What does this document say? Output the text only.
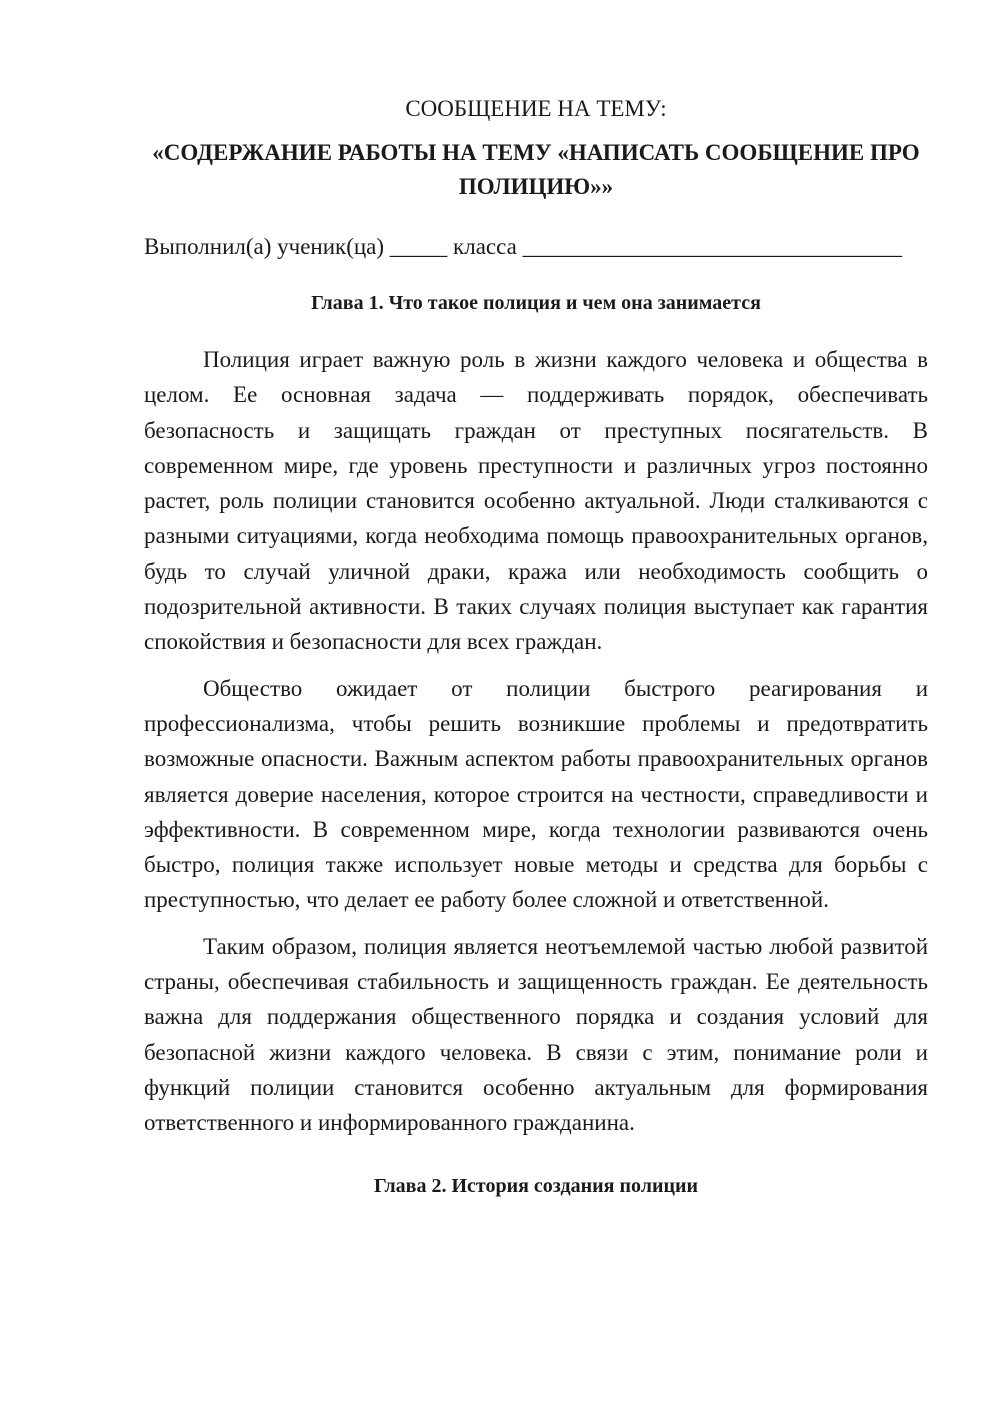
СООБЩЕНИЕ НА ТЕМУ:

«СОДЕРЖАНИЕ РАБОТЫ НА ТЕМУ «НАПИСАТЬ СООБЩЕНИЕ ПРО ПОЛИЦИЮ»»

Выполнил(а) ученик(ца) _____ класса _________________________________

Глава 1. Что такое полиция и чем она занимается

Полиция играет важную роль в жизни каждого человека и общества в целом. Ее основная задача — поддерживать порядок, обеспечивать безопасность и защищать граждан от преступных посягательств. В современном мире, где уровень преступности и различных угроз постоянно растет, роль полиции становится особенно актуальной. Люди сталкиваются с разными ситуациями, когда необходима помощь правоохранительных органов, будь то случай уличной драки, кража или необходимость сообщить о подозрительной активности. В таких случаях полиция выступает как гарантия спокойствия и безопасности для всех граждан.

Общество ожидает от полиции быстрого реагирования и профессионализма, чтобы решить возникшие проблемы и предотвратить возможные опасности. Важным аспектом работы правоохранительных органов является доверие населения, которое строится на честности, справедливости и эффективности. В современном мире, когда технологии развиваются очень быстро, полиция также использует новые методы и средства для борьбы с преступностью, что делает ее работу более сложной и ответственной.

Таким образом, полиция является неотъемлемой частью любой развитой страны, обеспечивая стабильность и защищенность граждан. Ее деятельность важна для поддержания общественного порядка и создания условий для безопасной жизни каждого человека. В связи с этим, понимание роли и функций полиции становится особенно актуальным для формирования ответственного и информированного гражданина.

Глава 2. История создания полиции
